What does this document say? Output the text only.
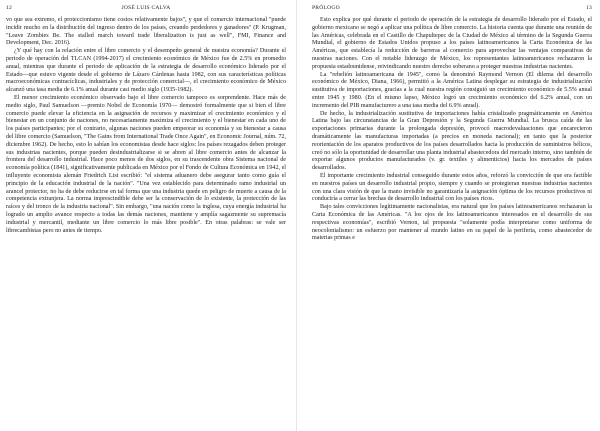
12	JOSÉ LUIS CALVA

vo que sea extremo, el proteccionismo tiene costos relativamente bajos", y que el comercio internacional "puede incidir mucho en la distribución del ingreso dentro de los países, creando perdedores y ganadores" (P. Krugman, "Leave Zombies Be. The stalled march toward trade liberalization is just as well", FMI, Finance and Development, Dec. 2016).

¿Y qué hay con la relación entre el libre comercio y el desempeño general de nuestra economía? Durante el periodo de operación del TLCAN (1994-2017) el crecimiento económico de México fue de 2.5% en promedio anual, mientras que durante el periodo de aplicación de la estrategia de desarrollo económico liderado por el Estado—que estuvo vigente desde el gobierno de Lázaro Cárdenas hasta 1982, con sus características políticas macroeconómicas contracíclicas, industriales y de protección comercial—, el crecimiento económico de México alcanzó una tasa media de 6.1% anual durante casi medio siglo (1935-1982).

El menor crecimiento económico observado bajo el libre comercio tampoco es sorprendente. Hace más de medio siglo, Paul Samuelson —premio Nobel de Economía 1970— demostró formalmente que si bien el libre comercio puede elevar la eficiencia en la asignación de recursos y maximizar el crecimiento económico y el bienestar en un conjunto de naciones, no necesariamente maximiza el crecimiento y el bienestar en cada uno de los países participantes; por el contrario, algunas naciones pueden empeorar su economía y su bienestar a causa del libre comercio (Samuelson, "The Gains from International Trade Once Again", en Economic Journal, núm. 72, diciembre 1962). De hecho, esto lo sabían los economistas desde hace siglos: los países rezagados deben proteger sus industrias nacientes, porque pueden desindustrializarse si se abren al libre comercio antes de alcanzar la frontera del desarrollo industrial. Hace poco menos de dos siglos, en su trascendente obra Sistema nacional de economía política (1841), significativamente publicada en México por el Fondo de Cultura Económica en 1942, el influyente economista alemán Friedrich List escribió: "el sistema aduanero debe asegurar tanto como guía el principio de la educación industrial de la nación". "Una vez establecido para determinado ramo industrial un arancel protector, no ha de debe reducirse en tal forma que una industria quede en peligro de muerte a causa de la competencia extranjera. La norma imprescindible debe ser la conservación de lo existente, la protección de las raíces y del tronco de la industria nacional". Sin embargo, "una nación como la inglesa, cuya energía industrial ha logrado un amplio avance respecto a todas las demás naciones, mantiene y amplía sagazmente su supremacía industrial y mercantil, mediante un libre comercio lo más libre posible". En otras palabras: se vale ser librecambistas pero no antes de tiempo.

PRÓLOGO	13

Esto explica por qué durante el periodo de operación de la estrategia de desarrollo liderado por el Estado, el gobierno mexicano se negó a aplicar una política de libre comercio. La historia cuenta que durante una reunión de las Américas, celebrada en el Castillo de Chapultepec de la Ciudad de México al término de la Segunda Guerra Mundial, el gobierno de Estados Unidos propuso a los países latinoamericanos la Carta Económica de las Américas, que establecía la reducción de barreras al comercio para aprovechar las ventajas comparativas de nuestras naciones. Con el notable liderazgo de México, los representantes latinoamericanos rechazaron la propuesta estadounidense, reivindicando nuestro derecho soberano a proteger nuestras industrias nacientes.

La "rebelión latinoamericana de 1945", como la denominó Raymond Vernon (El dilema del desarrollo económico de México, Diana, 1966), permitió a la América Latina desplegar su estrategia de industrialización sustitutiva de importaciones, gracias a la cual nuestra región consiguió un crecimiento económico de 5.5% anual entre 1945 y 1980. (En el mismo lapso, México logró un crecimiento económico del 6.2% anual, con un incremento del PIB manufacturero a una tasa media del 6.9% anual).

De hecho, la industrialización sustitutiva de importaciones había cristalizado pragmáticamente en América Latina bajo las circunstancias de la Gran Depresión y la Segunda Guerra Mundial. La brusca caída de las exportaciones primarias durante la prolongada depresión, provocó macrodevaluaciones que encarecieron dramáticamente las manufacturas importadas (a precios en moneda nacional); en tanto que la posterior reorientación de los aparatos productivos de los países desarrollados hacia la producción de suministros bélicos, creó no sólo la oportunidad de desarrollar una planta industrial abastecedora del mercado interno, sino también de exportar algunos productos manufacturados (v. gr. textiles y alimenticios) hacia los mercados de países desarrollados.

El importante crecimiento industrial conseguido durante estos años, reforzó la convicción de que era factible en nuestros países un desarrollo industrial propio, siempre y cuando se protegieran nuestras industrias nacientes con una clara visión de que la mano invisible no garantizaría la asignación óptima de los recursos productivos ni conduciría a cerrar las brechas de desarrollo industrial con los países ricos.

Bajo tales convicciones legítimamente nacionalistas, era natural que los países latinoamericanos rechazaran la Carta Económica de las Américas. "A los ojos de los latinoamericanos interesados en el desarrollo de sus respectivas economías", escribió Vernon, tal propuesta "solamente podía interpretarse como uniforma de neocolonialismo: un esfuerzo por mantener al mundo latino en su papel de la periferia, como abastecedor de materias primas e
